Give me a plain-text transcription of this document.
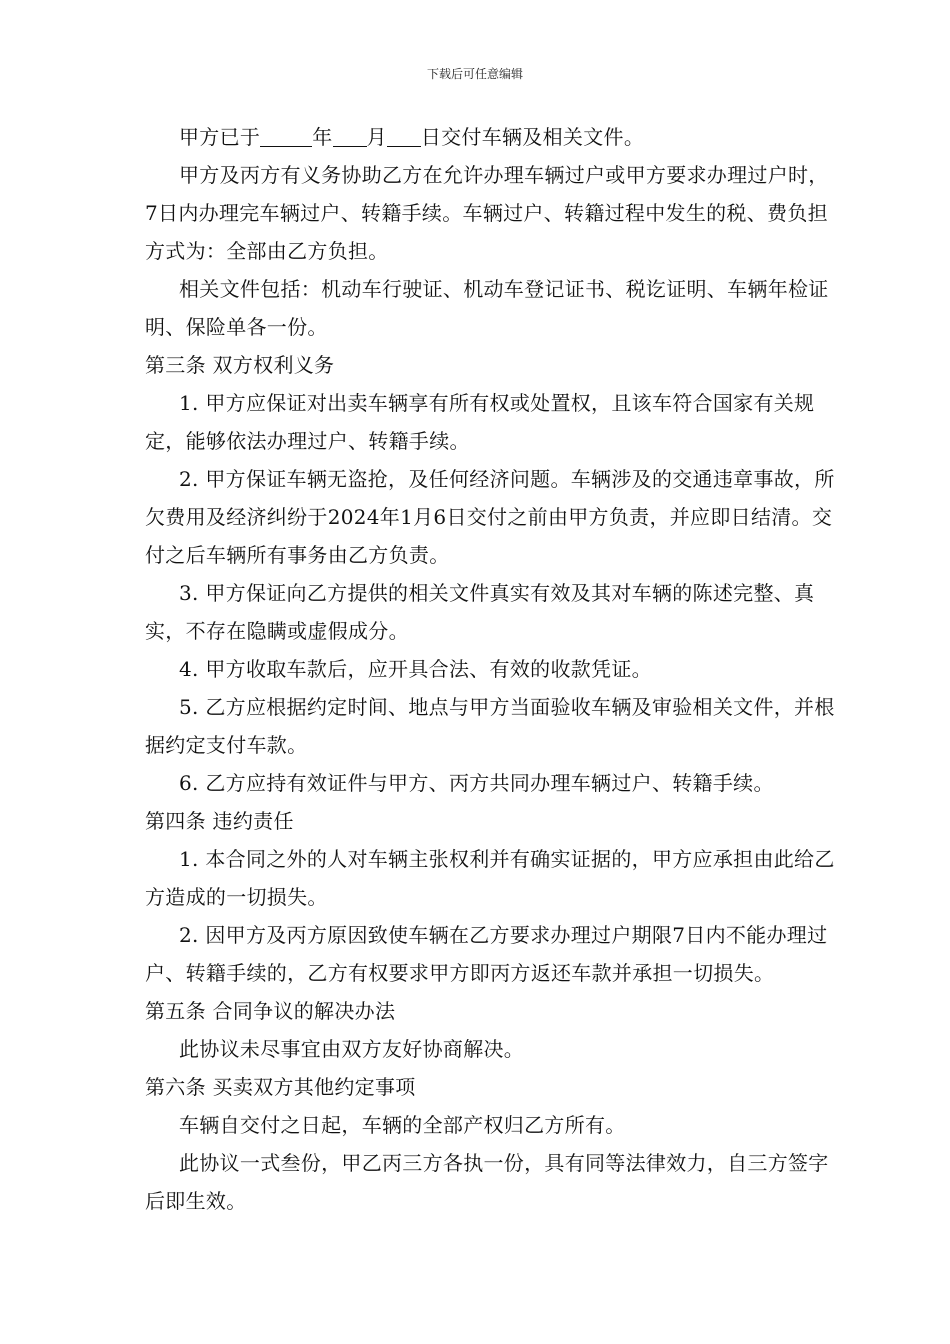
下载后可任意编辑

甲方已于	年 月 日交付车辆及相关文件。

甲方及丙方有义务协助乙方在允许办理车辆过户或甲方要求办理过户时，7日内办理完车辆过户、转籍手续。车辆过户、转籍过程中发生的税、费负担方式为：全部由乙方负担。

相关文件包括：机动车行驶证、机动车登记证书、税讫证明、车辆年检证明、保险单各一份。

第三条 双方权利义务

1. 甲方应保证对出卖车辆享有所有权或处置权，且该车符合国家有关规定，能够依法办理过户、转籍手续。

2. 甲方保证车辆无盗抢，及任何经济问题。车辆涉及的交通违章事故，所欠费用及经济纠纷于2024年1月6日交付之前由甲方负责，并应即日结清。交付之后车辆所有事务由乙方负责。

3. 甲方保证向乙方提供的相关文件真实有效及其对车辆的陈述完整、真实，不存在隐瞒或虚假成分。

4. 甲方收取车款后，应开具合法、有效的收款凭证。

5. 乙方应根据约定时间、地点与甲方当面验收车辆及审验相关文件，并根据约定支付车款。

6. 乙方应持有效证件与甲方、丙方共同办理车辆过户、转籍手续。

第四条 违约责任

1. 本合同之外的人对车辆主张权利并有确实证据的，甲方应承担由此给乙方造成的一切损失。

2. 因甲方及丙方原因致使车辆在乙方要求办理过户期限7日内不能办理过户、转籍手续的，乙方有权要求甲方即丙方返还车款并承担一切损失。

第五条 合同争议的解决办法

此协议未尽事宜由双方友好协商解决。

第六条 买卖双方其他约定事项

车辆自交付之日起，车辆的全部产权归乙方所有。

此协议一式叁份，甲乙丙三方各执一份，具有同等法律效力，自三方签字后即生效。
